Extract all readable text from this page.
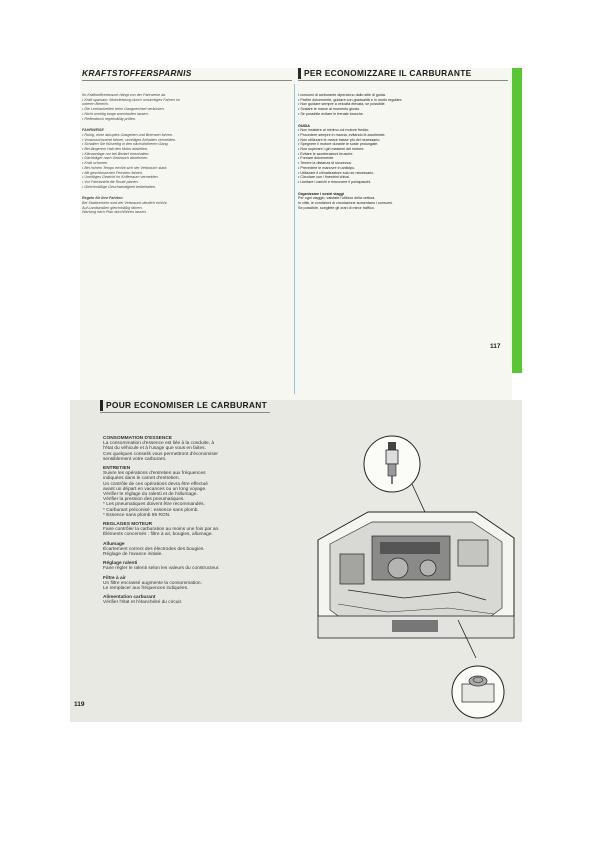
KRAFTSTOFFERSPARNIS
Ihr Kraftstoffverbrauch hängt von der Fahrweise ab.
• Kraft sparsam: Motorleistung durch umsichtiges Fahren im
unteren Bereich.
• Die Leerlaufzeiten beim Gangwechsel verkürzen.
• Nicht unnötig lange warmlaufen lassen.
• Reifendruck regelmäßig prüfen.
FAHRWEISE
• Ruhig, ohne abruptes Gasgeben und Bremsen fahren.
• Vorausschauend fahren, unnötiges Anhalten vermeiden.
• Schalten Sie frühzeitig in den nächsthöheren Gang.
• Bei längerem Halt den Motor abstellen.
• Klimaanlage nur bei Bedarf einschalten.
• Dachträger nach Gebrauch abnehmen.
• Kraft schonen.
• Bei hohem Tempo erhöht sich der Verbrauch stark.
• Mit geschlossenen Fenstern fahren.
• Unnötiges Gewicht im Kofferraum vermeiden.
• Vor Fahrtantritt die Route planen.
• Gleichmäßige Geschwindigkeit beibehalten.
Regeln für Ihre Fahrten
Bei Stadtverkehr wird der Verbrauch deutlich erhöht.
Auf Landstraßen gleichmäßig fahren.
Wartung nach Plan durchführen lassen.
PER ECONOMIZZARE IL CARBURANTE
I consumi di carburante dipendono dallo stile di guida.
• Partire dolcemente, guidare con gradualità e in modo regolare.
• Non guidare sempre a velocità elevata, se possibile.
• Scalare le marce al momento giusto.
• Se possibile evitare le frenate brusche.
GUIDA
• Non insistere al minimo col motore freddo.
• Procedere sempre in marcia, evitando le accelerate.
• Non utilizzare le marce basse più del necessario.
• Spegnere il motore durante le soste prolungate.
• Non superare i giri massimi del motore.
• Evitare le accelerazioni brusche.
• Frenare dolcemente.
• Tenere la distanza di sicurezza.
• Prevedere le manovre in anticipo.
• Utilizzare il climatizzatore solo se necessario.
• Circolare con i finestrini chiusi.
• Limitare i carichi e rimuovere il portapacchi.
Organizzare i vostri viaggi
Per ogni viaggio, valutate l'utilizzo della vettura.
In città, le condizioni di circolazione aumentano i consumi.
Se possibile, scegliete gli orari di minor traffico.
117
POUR ECONOMISER LE CARBURANT
CONSOMMATION D'ESSENCE
La consommation d'essence est liée à la conduite, à
l'état du véhicule et à l'usage que vous en faites.
Ces quelques conseils vous permettront d'économiser
sensiblement votre carburant.
ENTRETIEN
Suivre les opérations d'entretien aux fréquences
indiquées dans le carnet d'entretien.
Un contrôle de ces opérations devra être effectué
avant un départ en vacances ou un long voyage.
Vérifier le réglage du ralenti et de l'allumage.
Vérifier la pression des pneumatiques.
* Les pneumatiques doivent être recommandés.
* Carburant préconisé : essence sans plomb.
* Essence sans plomb 95 RON.
REGLAGES MOTEUR
Faire contrôler la carburation au moins une fois par an.
Éléments concernés : filtre à air, bougies, allumage.
Allumage
Écartement correct des électrodes des bougies.
Réglage de l'avance initiale.
Réglage ralenti
Faire régler le ralenti selon les valeurs du constructeur.
Filtre à air
Un filtre encrassé augmente la consommation.
Le remplacer aux fréquences indiquées.
Alimentation carburant
Vérifier l'état et l'étanchéité du circuit.
119
